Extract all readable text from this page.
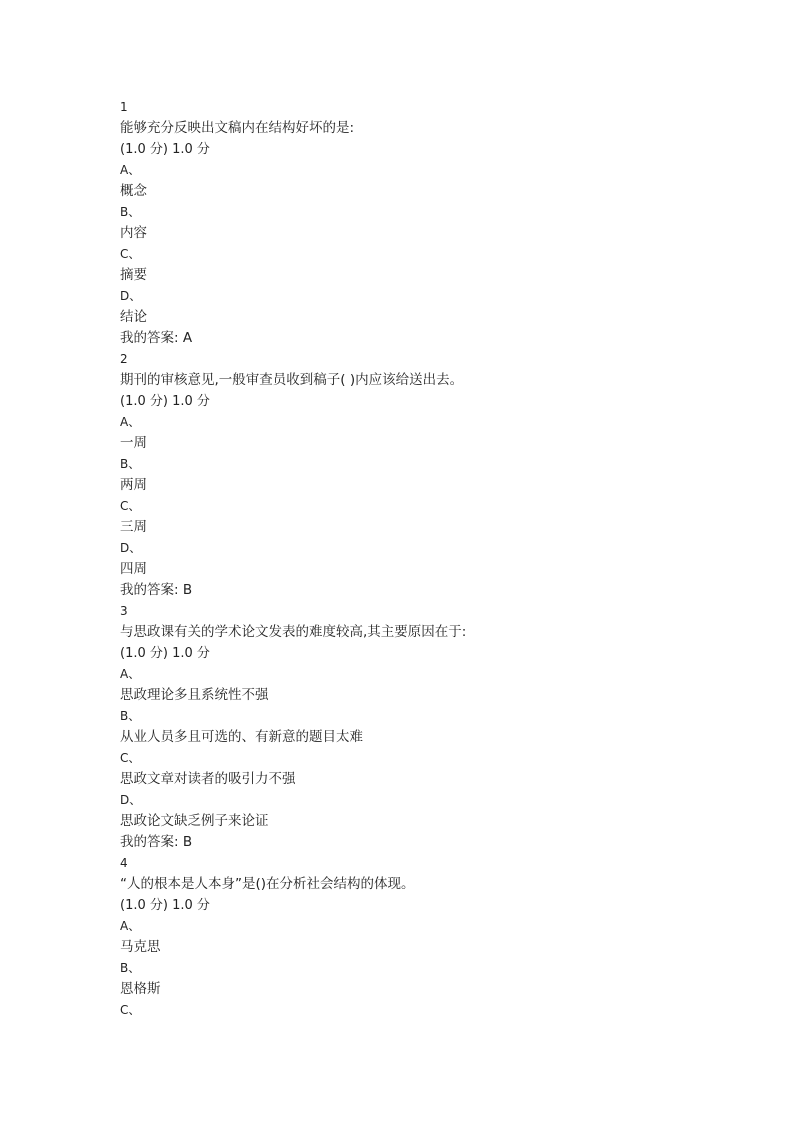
1
能够充分反映出文稿内在结构好坏的是:
(1.0 分) 1.0 分
A、
概念
B、
内容
C、
摘要
D、
结论
我的答案: A
2
期刊的审核意见,一般审查员收到稿子( )内应该给送出去。
(1.0 分) 1.0 分
A、
一周
B、
两周
C、
三周
D、
四周
我的答案: B
3
与思政课有关的学术论文发表的难度较高,其主要原因在于:
(1.0 分) 1.0 分
A、
思政理论多且系统性不强
B、
从业人员多且可选的、有新意的题目太难
C、
思政文章对读者的吸引力不强
D、
思政论文缺乏例子来论证
我的答案: B
4
“人的根本是人本身”是()在分析社会结构的体现。
(1.0 分) 1.0 分
A、
马克思
B、
恩格斯
C、
